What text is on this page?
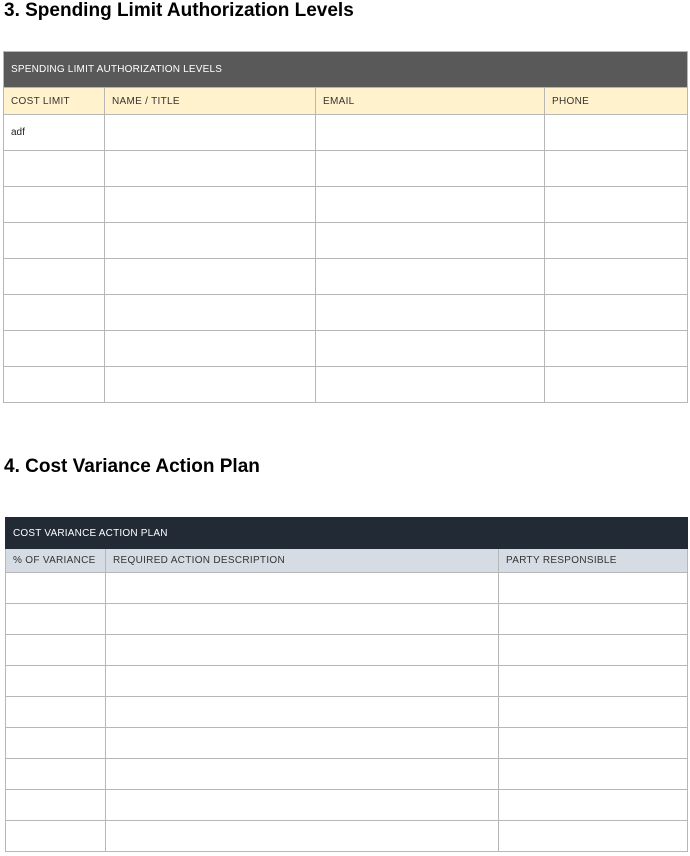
3. Spending Limit Authorization Levels
SPENDING LIMIT AUTHORIZATION LEVELS			
COST LIMIT	NAME / TITLE	EMAIL	PHONE
adf			

4. Cost Variance Action Plan
COST VARIANCE ACTION PLAN		
% OF VARIANCE	REQUIRED ACTION DESCRIPTION	PARTY RESPONSIBLE
